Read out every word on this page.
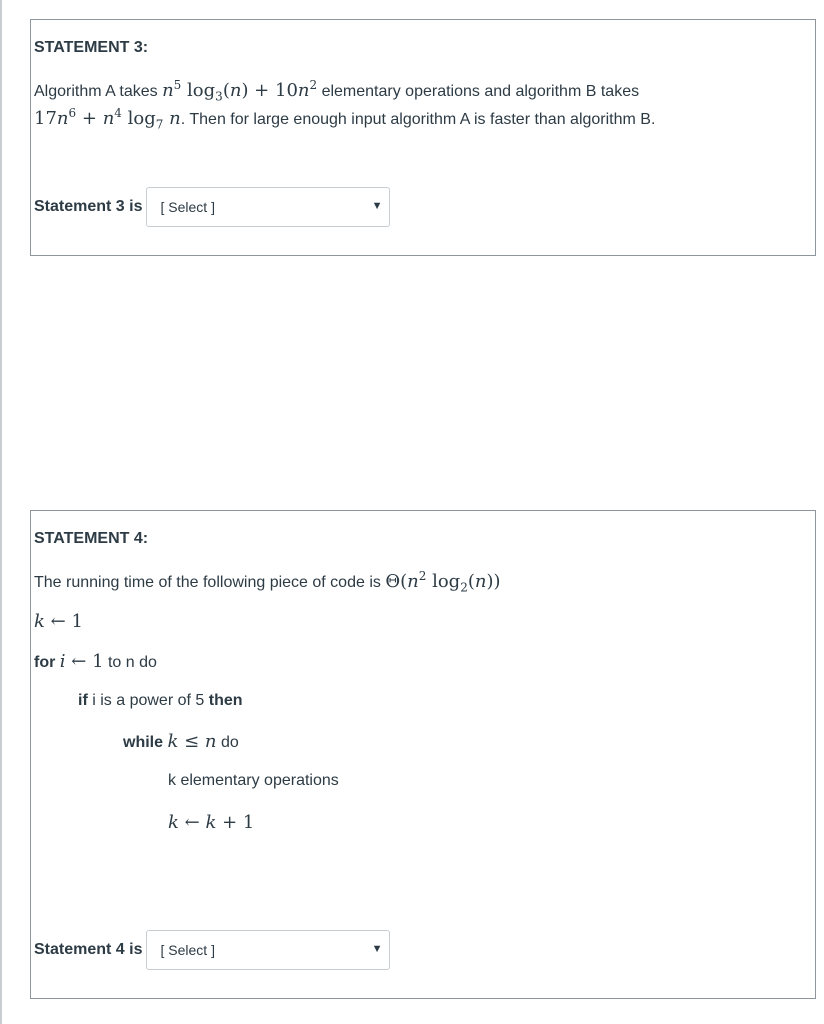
STATEMENT 3:
Algorithm A takes $n^5$ $\log_3(n) + 10n^2$ elementary operations and algorithm B takes
$17n^6 + n^4$ $\log_7 n$. Then for large enough input algorithm A is faster than algorithm B.
Statement 3 is [ Select ]	▼
STATEMENT 4:
The running time of the following piece of code is $\Theta(n^2$ $\log_2(n)$)
k ← 1
for i ← 1 to n do
if i is a power of 5 then
while k ≤ n do
k elementary operations
k ← k + 1
Statement 4 is [ Select ]	▼
